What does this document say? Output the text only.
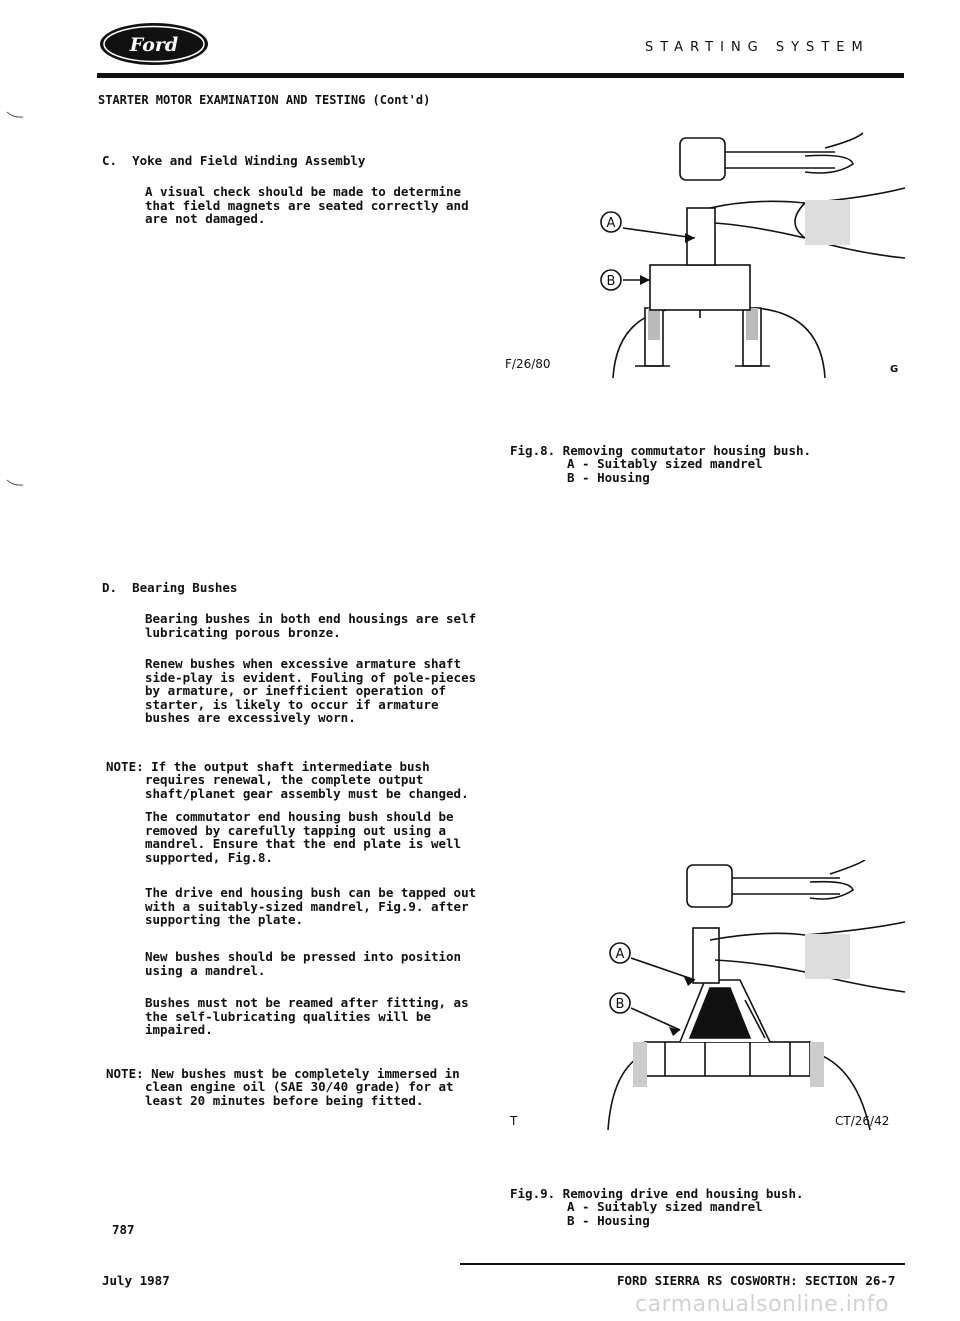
Ford	STARTING SYSTEM
STARTER MOTOR EXAMINATION AND TESTING (Cont'd)
C.  Yoke and Field Winding Assembly
A visual check should be made to determine
that field magnets are seated correctly and
are not damaged.
D.  Bearing Bushes
Bearing bushes in both end housings are self
lubricating porous bronze.
Renew bushes when excessive armature shaft
side-play is evident. Fouling of pole-pieces
by armature, or inefficient operation of
starter, is likely to occur if armature
bushes are excessively worn.

NOTE: If the output shaft intermediate bush

requires renewal, the complete output
shaft/planet gear assembly must be changed.

The commutator end housing bush should be
removed by carefully tapping out using a
mandrel. Ensure that the end plate is well
supported, Fig.8.
The drive end housing bush can be tapped out
with a suitably-sized mandrel, Fig.9. after
supporting the plate.
New bushes should be pressed into position
using a mandrel.
Bushes must not be reamed after fitting, as
the self-lubricating qualities will be
impaired.

NOTE: New bushes must be completely immersed in

clean engine oil (SAE 30/40 grade) for at
least 20 minutes before being fitted.

A
B
F/26/80	G

Fig.8. Removing commutator housing bush.

A - Suitably sized mandrel
B - Housing

A
B
T	CT/26/42

Fig.9. Removing drive end housing bush.

A - Suitably sized mandrel
B - Housing

787
July 1987	FORD SIERRA RS COSWORTH: SECTION 26-7
carmanualsonline.info
